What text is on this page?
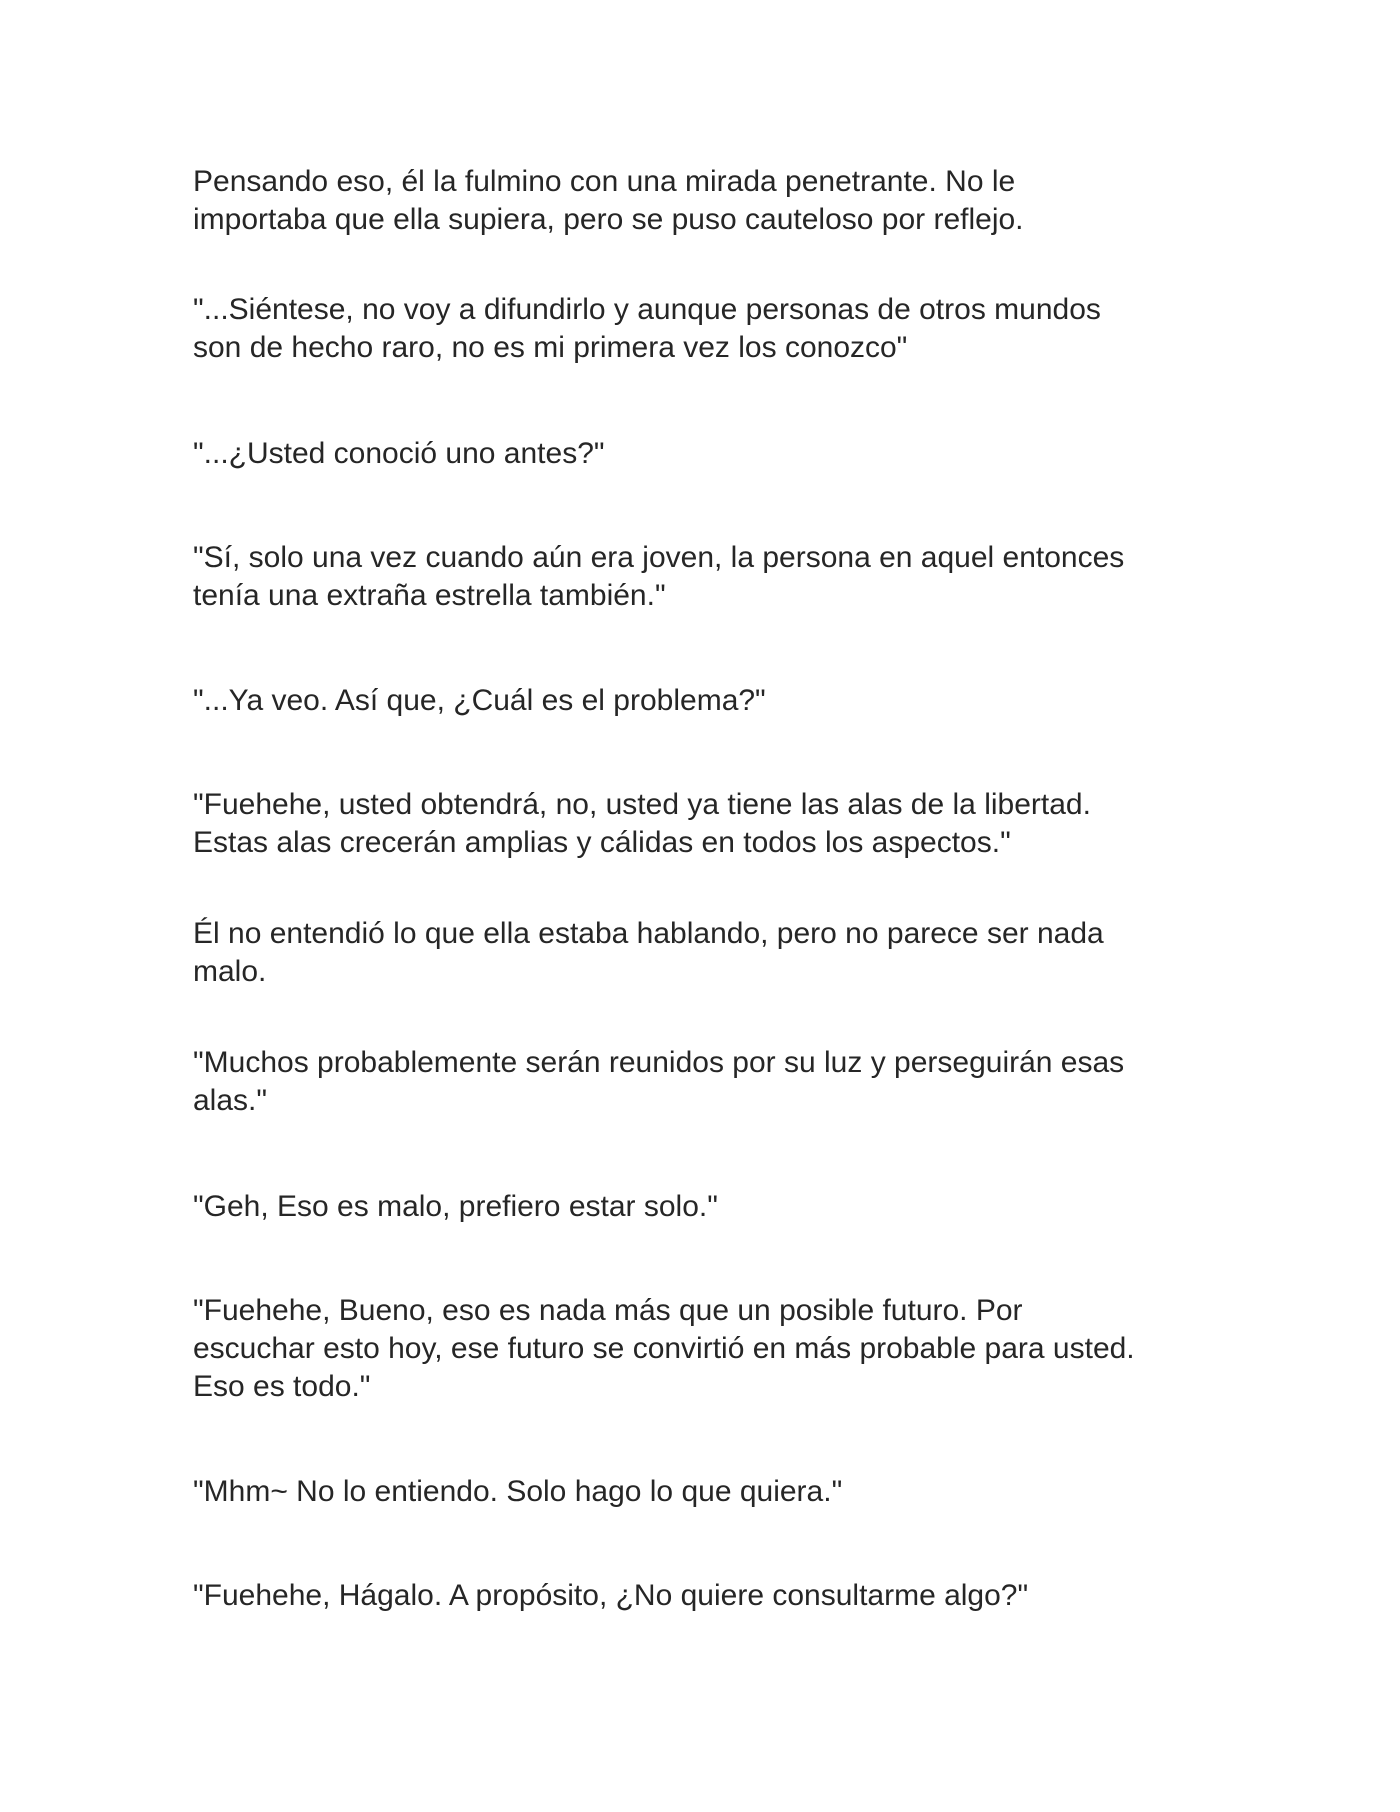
Pensando eso, él la fulmino con una mirada penetrante. No le
importaba que ella supiera, pero se puso cauteloso por reflejo.

"...Siéntese, no voy a difundirlo y aunque personas de otros mundos
son de hecho raro, no es mi primera vez los conozco"

"...¿Usted conoció uno antes?"

"Sí, solo una vez cuando aún era joven, la persona en aquel entonces
tenía una extraña estrella también."

"...Ya veo. Así que, ¿Cuál es el problema?"

"Fuehehe, usted obtendrá, no, usted ya tiene las alas de la libertad.
Estas alas crecerán amplias y cálidas en todos los aspectos."

Él no entendió lo que ella estaba hablando, pero no parece ser nada
malo.

"Muchos probablemente serán reunidos por su luz y perseguirán esas
alas."

"Geh, Eso es malo, prefiero estar solo."

"Fuehehe, Bueno, eso es nada más que un posible futuro. Por
escuchar esto hoy, ese futuro se convirtió en más probable para usted.
Eso es todo."

"Mhm~ No lo entiendo. Solo hago lo que quiera."

"Fuehehe, Hágalo. A propósito, ¿No quiere consultarme algo?"
